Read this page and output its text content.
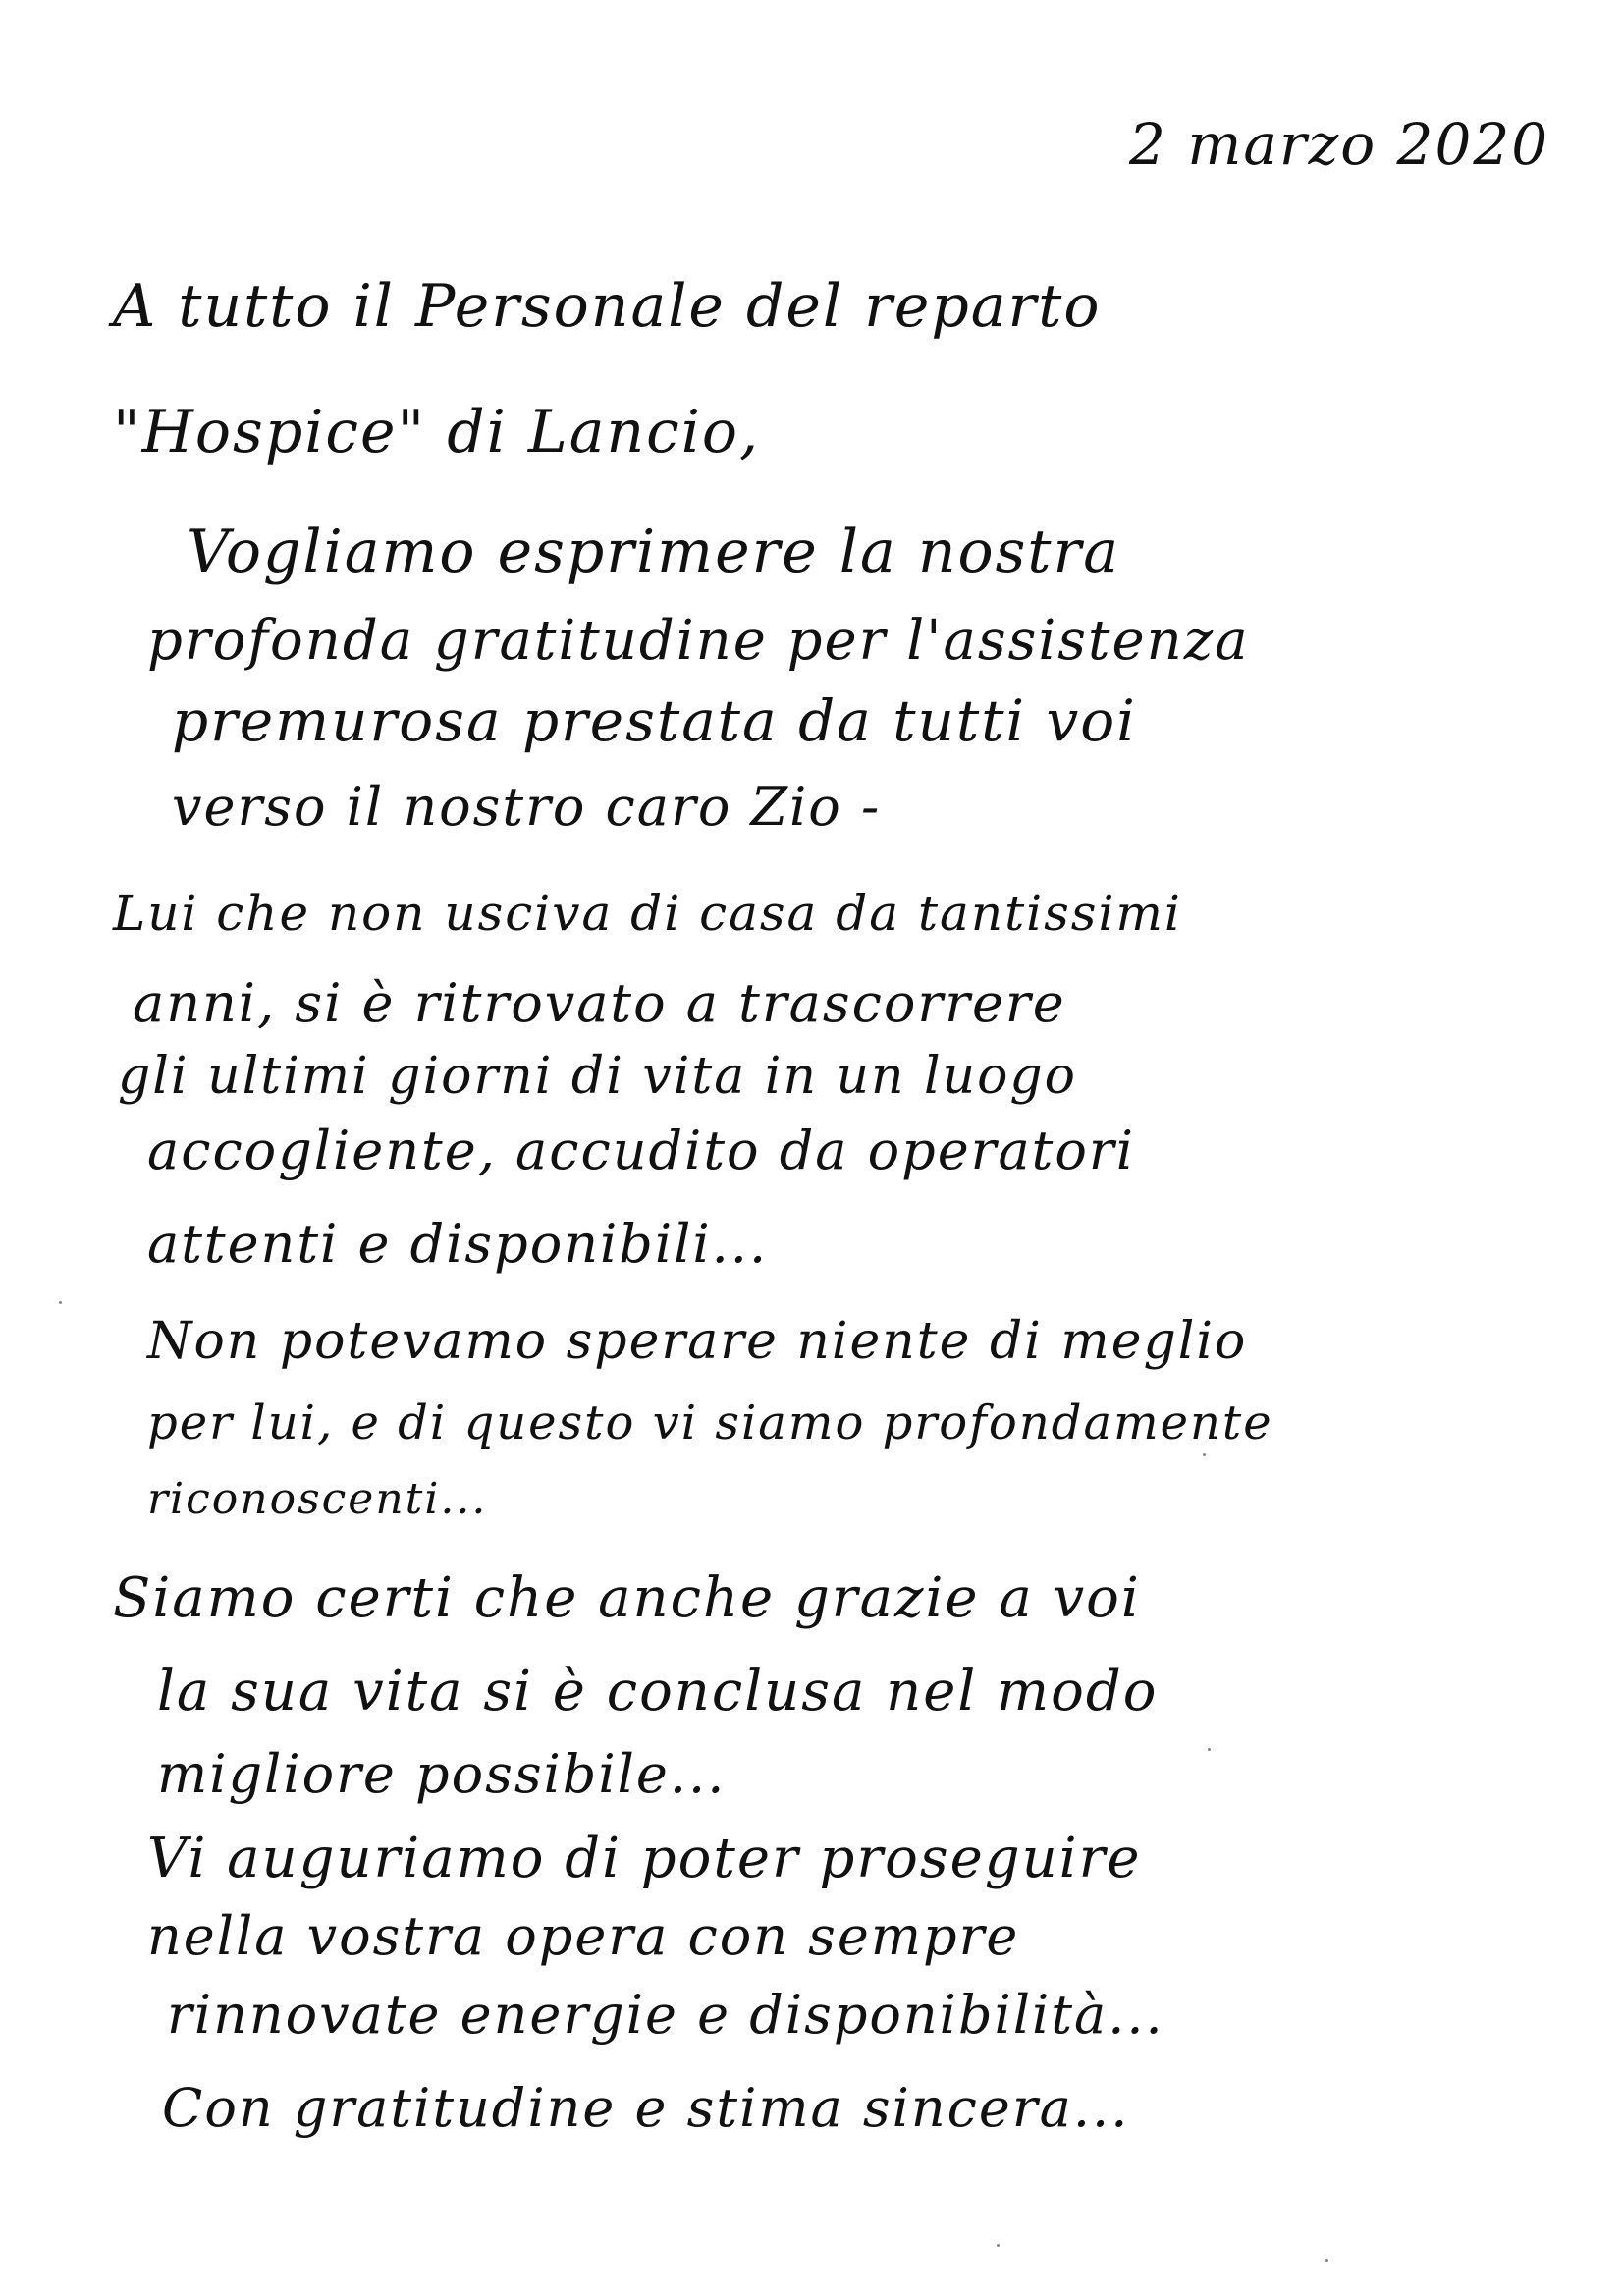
2 marzo 2020

A tutto il Personale del reparto

"Hospice" di Lancio,

Vogliamo esprimere la nostra

profonda gratitudine per l'assistenza

premurosa prestata da tutti voi

verso il nostro caro Zio -

Lui che non usciva di casa da tantissimi

anni, si è ritrovato a trascorrere

gli ultimi giorni di vita in un luogo

accogliente, accudito da operatori

attenti e disponibili...

Non potevamo sperare niente di meglio

per lui, e di questo vi siamo profondamente

riconoscenti...

Siamo certi che anche grazie a voi

la sua vita si è conclusa nel modo

migliore possibile...

Vi auguriamo di poter proseguire

nella vostra opera con sempre

rinnovate energie e disponibilità...

Con gratitudine e stima sincera...
